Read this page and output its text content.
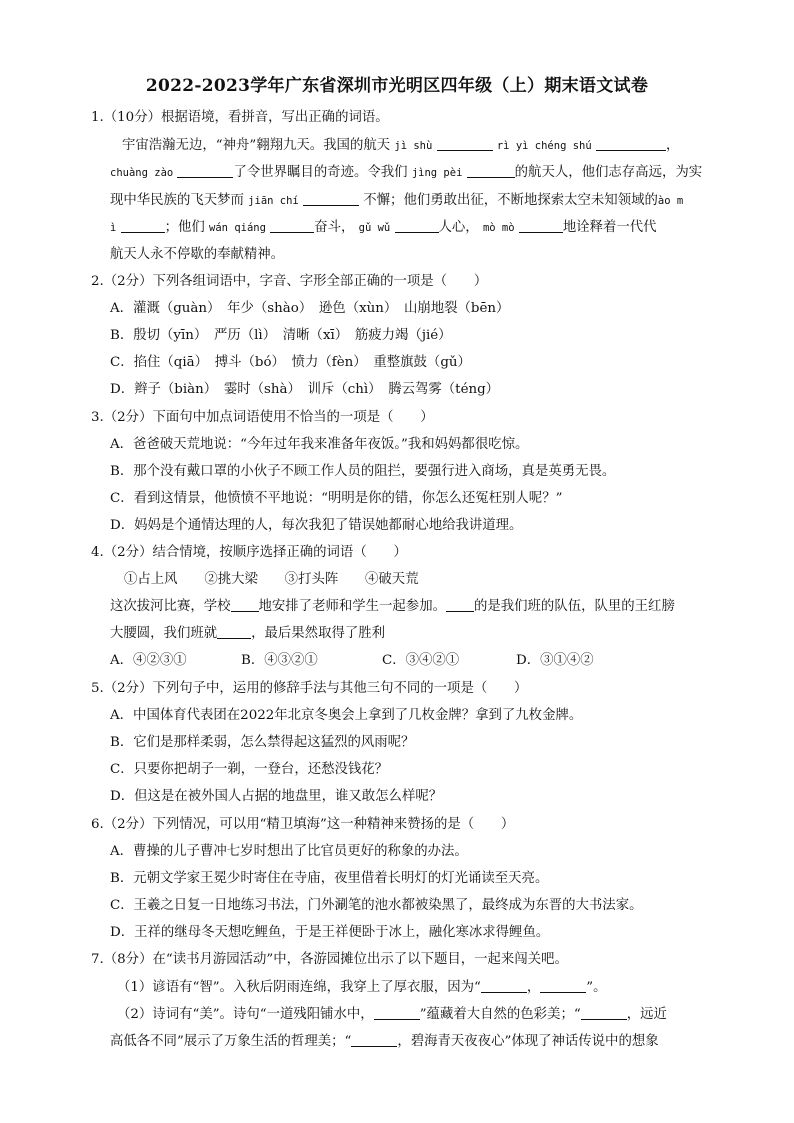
2022-2023学年广东省深圳市光明区四年级（上）期末语文试卷
1.（10分）根据语境，看拼音，写出正确的词语。
宇宙浩瀚无边，“神舟”翱翔九天。我国的航天 jì shù	rì yì chéng shú	，
chuàng zào	了令世界瞩目的奇迹。令我们 jìng pèi	的航天人，他们志存高远，为实
现中华民族的飞天梦而 jiān chí	不懈；他们勇敢出征，不断地探索太空未知领域的ào m
ì	；他们 wán qiáng	奋斗， gǔ wǔ	人心， mò mò	地诠释着一代代
航天人永不停歇的奉献精神。
2.（2分）下列各组词语中，字音、字形全部正确的一项是（　　）
A．灌溉（guàn）　年少（shào）　逊色（xùn）　山崩地裂（bēn）
B．殷切（yīn）　严历（lì）　清晰（xī）　筋疲力竭（jié）
C．掐住（qiā）　搏斗（bó）　愤力（fèn）　重整旗鼓（gǔ）
D．辫子（biàn）　霎时（shà）　训斥（chì）　腾云驾雾（téng）
3.（2分）下面句中加点词语使用不恰当的一项是（　　）
A．爸爸破天荒地说：“今年过年我来准备年夜饭。”我和妈妈都很吃惊。
B．那个没有戴口罩的小伙子不顾工作人员的阻拦，要强行进入商场，真是英勇无畏。
C．看到这情景，他愤愤不平地说：“明明是你的错，你怎么还冤枉别人呢？”
D．妈妈是个通情达理的人，每次我犯了错误她都耐心地给我讲道理。
4.（2分）结合情境，按顺序选择正确的词语（　　）
①占上风　　②挑大梁　　③打头阵　　④破天荒
这次拔河比赛，学校 地安排了老师和学生一起参加。 的是我们班的队伍，队里的王红膀
大腰圆，我们班就	，最后果然取得了胜利
A．④②③①	B．④③②①	C．③④②①	D．③①④②
5.（2分）下列句子中，运用的修辞手法与其他三句不同的一项是（　　）
A．中国体育代表团在2022年北京冬奥会上拿到了几枚金牌？拿到了九枚金牌。
B．它们是那样柔弱，怎么禁得起这猛烈的风雨呢？
C．只要你把胡子一剃，一登台，还愁没钱花？
D．但这是在被外国人占据的地盘里，谁又敢怎么样呢？
6.（2分）下列情况，可以用“精卫填海”这一种精神来赞扬的是（　　）
A．曹操的儿子曹冲七岁时想出了比官员更好的称象的办法。
B．元朝文学家王冕少时寄住在寺庙，夜里借着长明灯的灯光诵读至天亮。
C．王羲之日复一日地练习书法，门外涮笔的池水都被染黑了，最终成为东晋的大书法家。
D．王祥的继母冬天想吃鲤鱼，于是王祥便卧于冰上，融化寒冰求得鲤鱼。
7.（8分）在“读书月游园活动”中，各游园摊位出示了以下题目，一起来闯关吧。
（1）谚语有“智”。入秋后阴雨连绵，我穿上了厚衣服，因为“	，	”。
（2）诗词有“美”。诗句“一道残阳铺水中，	”蕴藏着大自然的色彩美；“	，远近
高低各不同”展示了万象生活的哲理美；“	，碧海青天夜夜心”体现了神话传说中的想象
